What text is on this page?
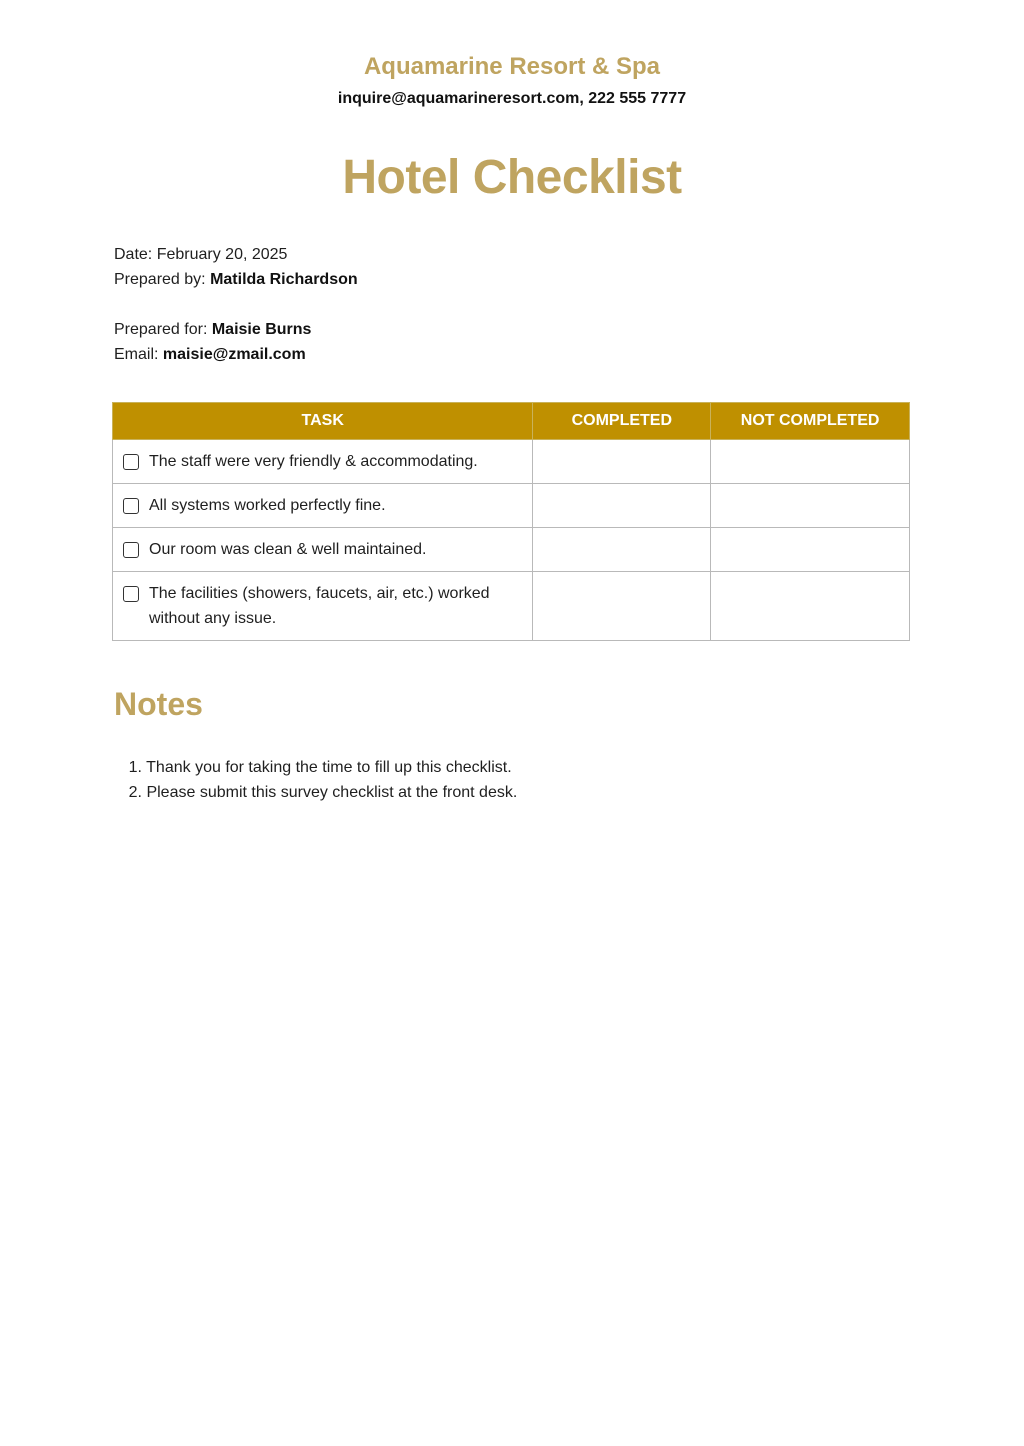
Aquamarine Resort & Spa
inquire@aquamarineresort.com, 222 555 7777
Hotel Checklist
Date: February 20, 2025
Prepared by: Matilda Richardson
Prepared for: Maisie Burns
Email: maisie@zmail.com
TASK	COMPLETED	NOT COMPLETED

The staff were very friendly & accommodating.		

All systems worked perfectly fine.		

Our room was clean & well maintained.		

The facilities (showers, faucets, air, etc.) worked without any issue.		

Notes
1. Thank you for taking the time to fill up this checklist.
2. Please submit this survey checklist at the front desk.
